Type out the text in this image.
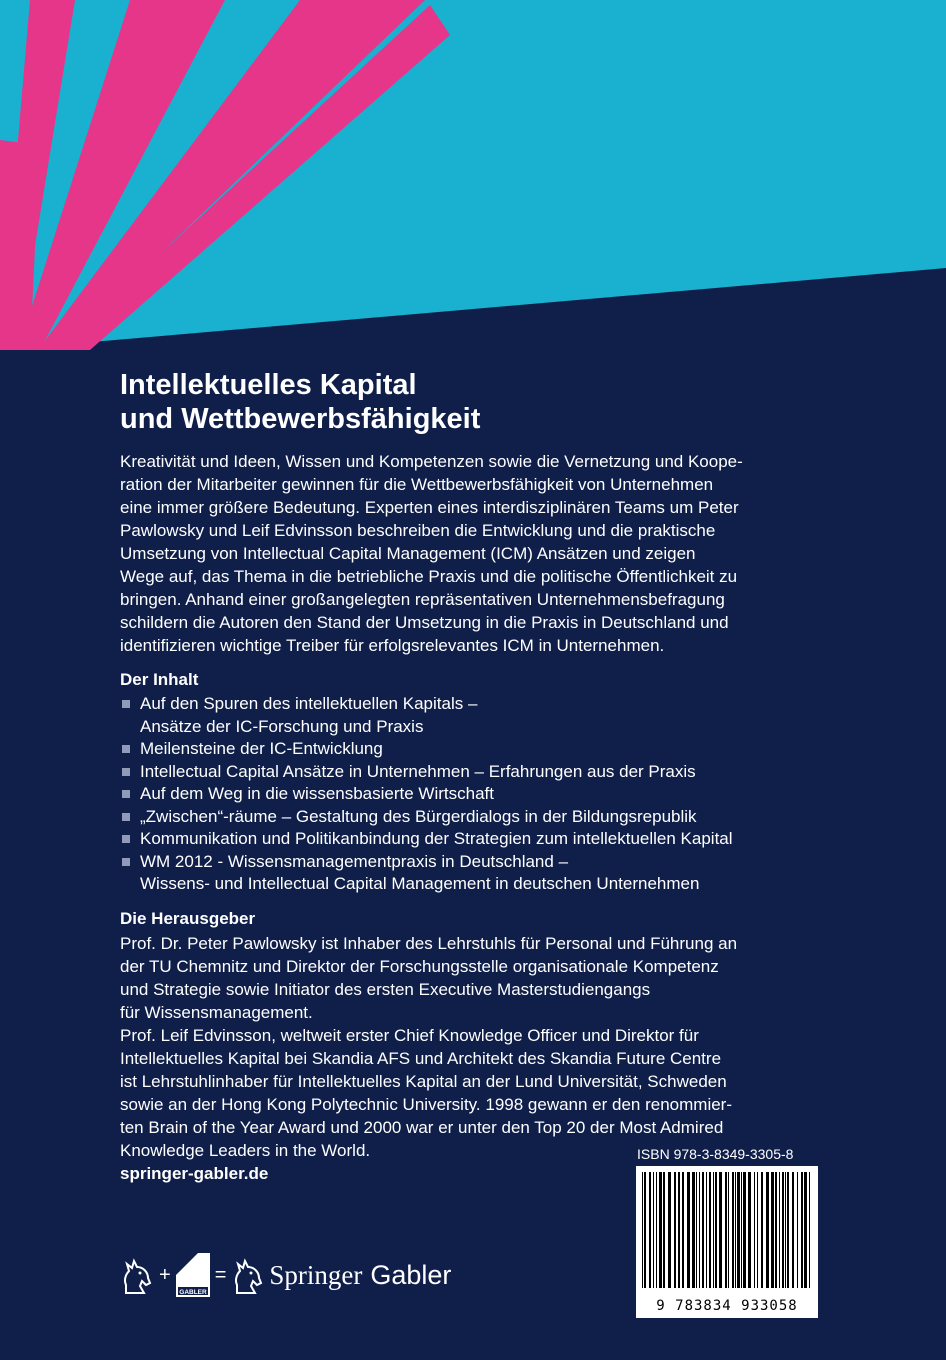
Intellektuelles Kapital
und Wettbewerbsfähigkeit
Kreativität und Ideen, Wissen und Kompetenzen sowie die Vernetzung und Koope-
ration der Mitarbeiter gewinnen für die Wettbewerbsfähigkeit von Unternehmen
eine immer größere Bedeutung. Experten eines interdisziplinären Teams um Peter
Pawlowsky und Leif Edvinsson beschreiben die Entwicklung und die praktische
Umsetzung von Intellectual Capital Management (ICM) Ansätzen und zeigen
Wege auf, das Thema in die betriebliche Praxis und die politische Öffentlichkeit zu
bringen. Anhand einer großangelegten repräsentativen Unternehmensbefragung
schildern die Autoren den Stand der Umsetzung in die Praxis in Deutschland und
identifizieren wichtige Treiber für erfolgsrelevantes ICM in Unternehmen.
Der Inhalt
Auf den Spuren des intellektuellen Kapitals –
Ansätze der IC-Forschung und Praxis
Meilensteine der IC-Entwicklung
Intellectual Capital Ansätze in Unternehmen – Erfahrungen aus der Praxis
Auf dem Weg in die wissensbasierte Wirtschaft
„Zwischen“-räume – Gestaltung des Bürgerdialogs in der Bildungsrepublik
Kommunikation und Politikanbindung der Strategien zum intellektuellen Kapital
WM 2012 - Wissensmanagementpraxis in Deutschland –
Wissens- und Intellectual Capital Management in deutschen Unternehmen
Die Herausgeber
Prof. Dr. Peter Pawlowsky ist Inhaber des Lehrstuhls für Personal und Führung an
der TU Chemnitz und Direktor der Forschungsstelle organisationale Kompetenz
und Strategie sowie Initiator des ersten Executive Masterstudiengangs
für Wissensmanagement.
Prof. Leif Edvinsson, weltweit erster Chief Knowledge Officer und Direktor für
Intellektuelles Kapital bei Skandia AFS und Architekt des Skandia Future Centre
ist Lehrstuhlinhaber für Intellektuelles Kapital an der Lund Universität, Schweden
sowie an der Hong Kong Polytechnic University. 1998 gewann er den renommier-
ten Brain of the Year Award und 2000 war er unter den Top 20 der Most Admired
Knowledge Leaders in the World.
springer-gabler.de
ISBN 978-3-8349-3305-8
9 783834 933058
+
GABLER
= Springer Gabler
